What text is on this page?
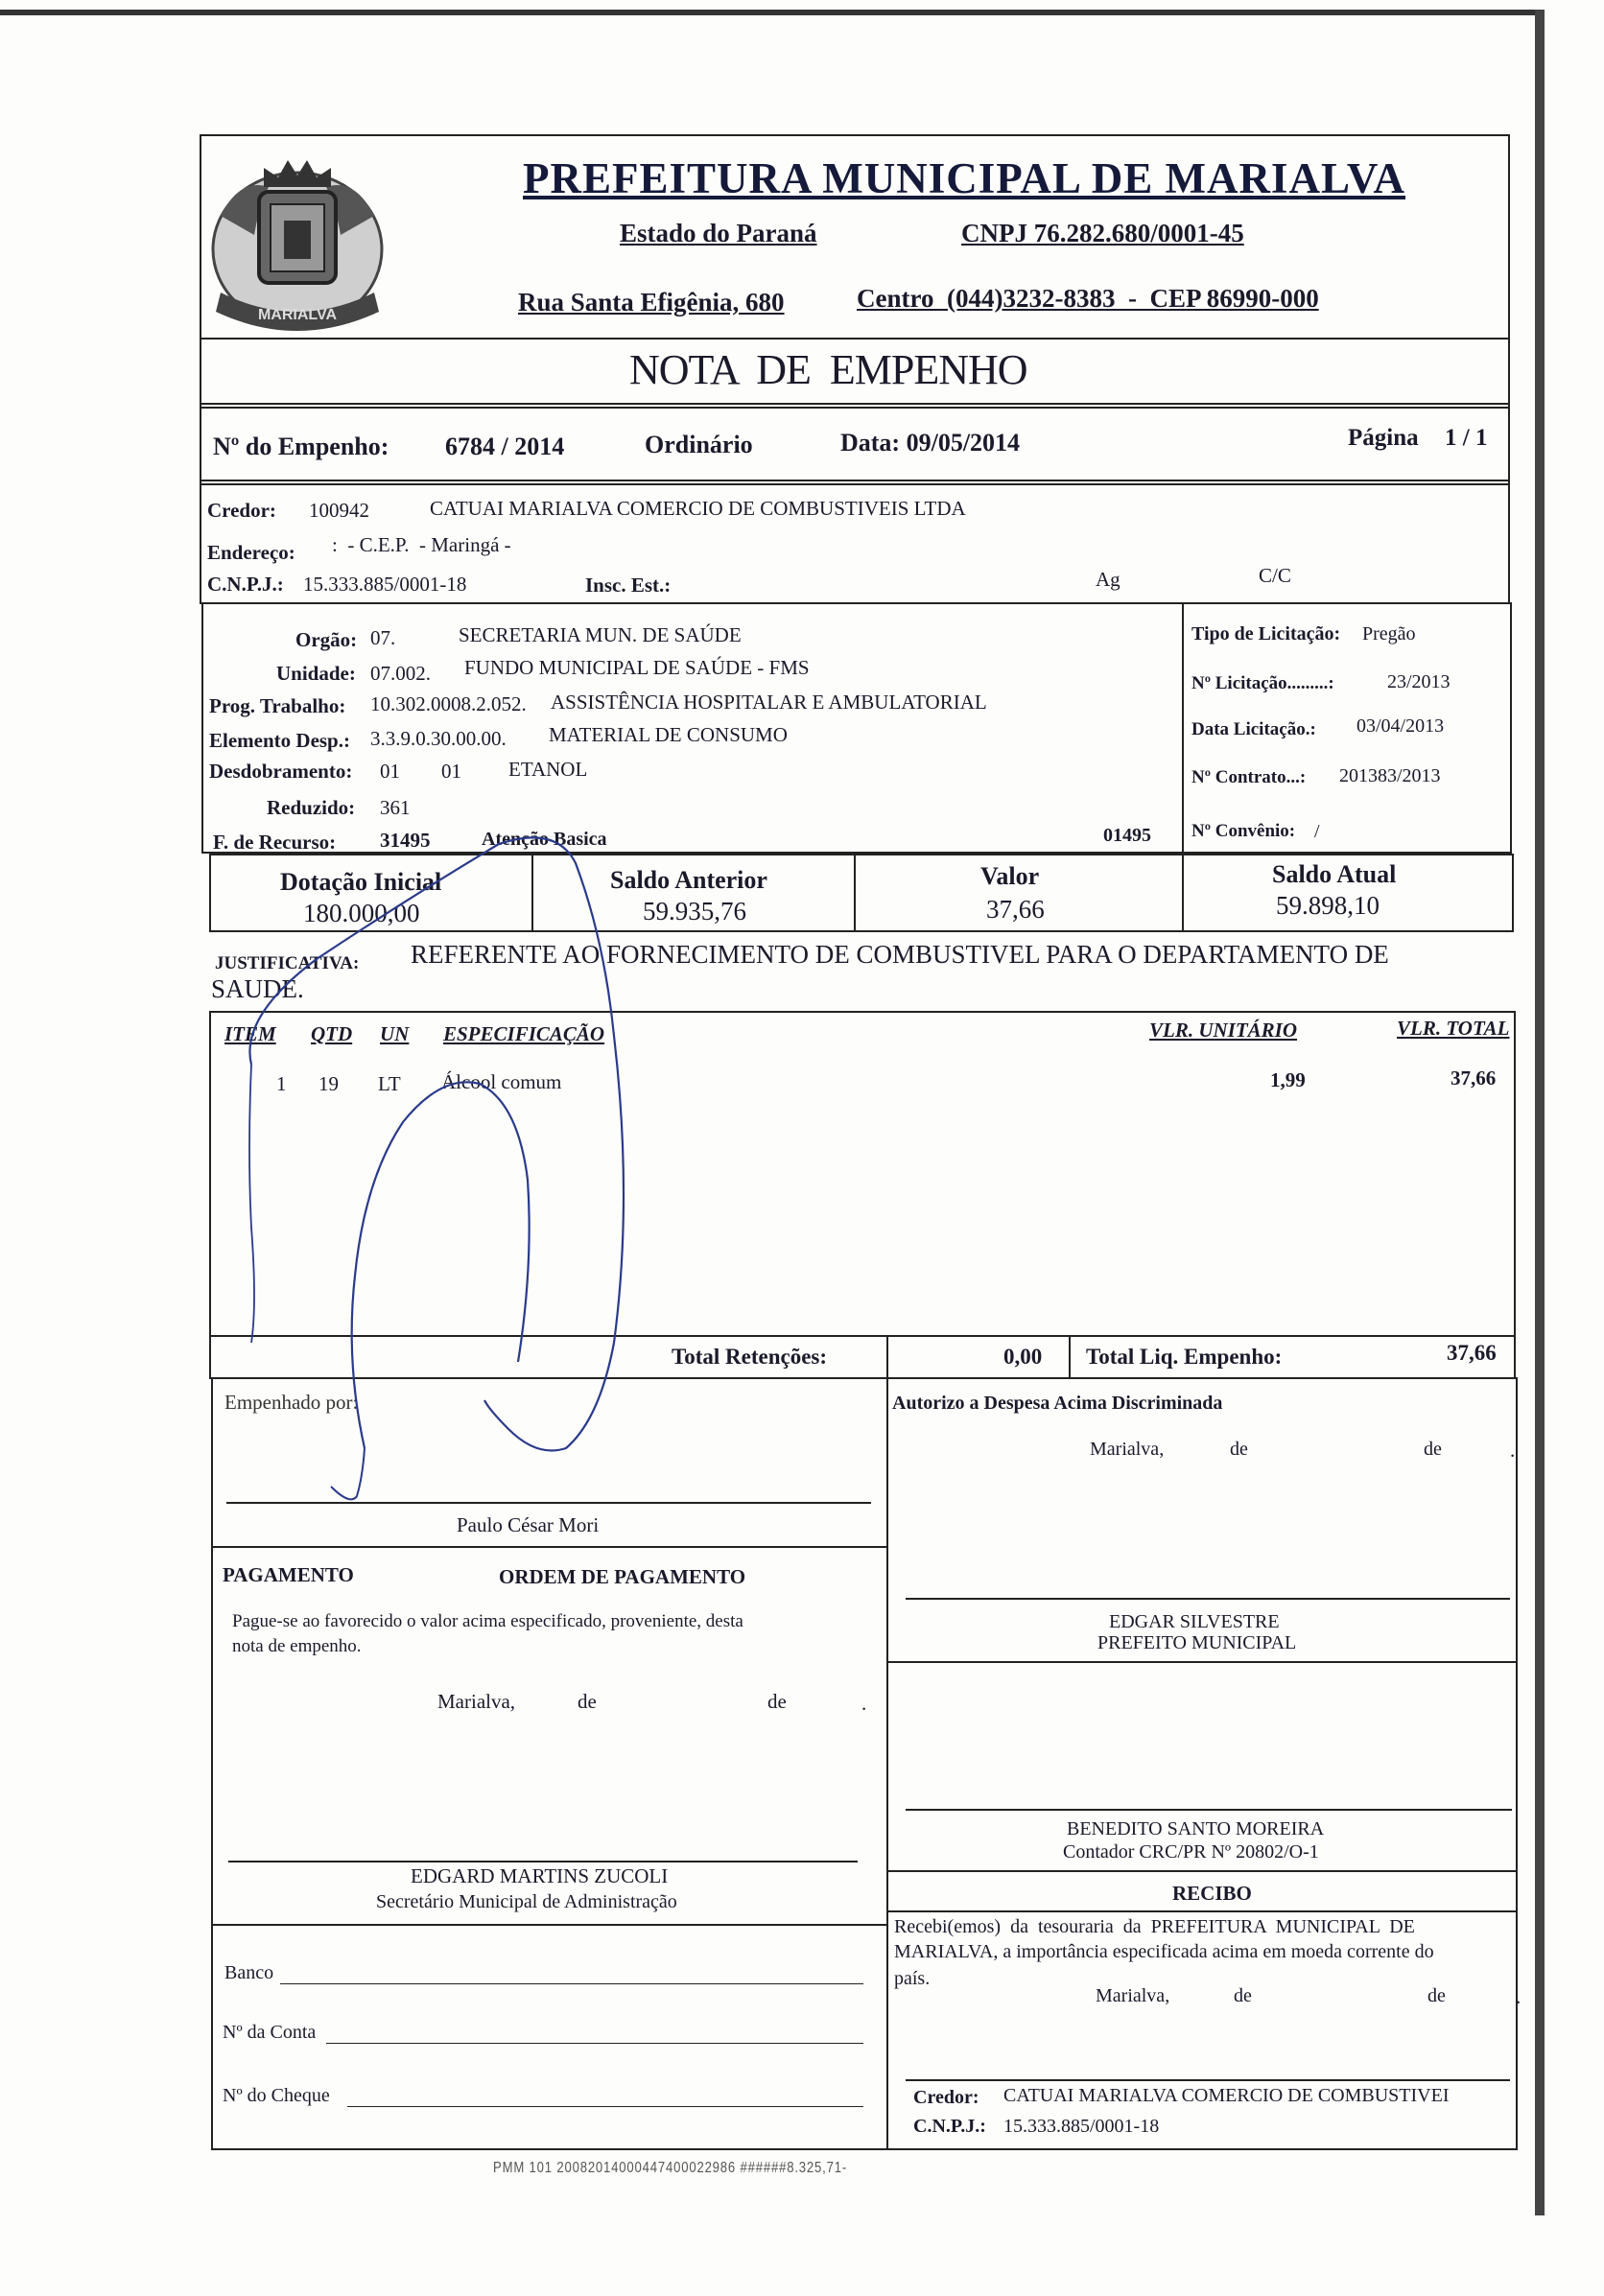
MARIALVA
PREFEITURA MUNICIPAL DE MARIALVA
Estado do Paraná	CNPJ 76.282.680/0001-45
Rua Santa Efigênia, 680	Centro  (044)3232-8383  -  CEP 86990-000
NOTA  DE  EMPENHO
Nº do Empenho: 6784 / 2014	Ordinário	Data: 09/05/2014	Página 1 / 1
Credor: 100942	CATUAI MARIALVA COMERCIO DE COMBUSTIVEIS LTDA
Endereço: :  - C.E.P.  - Maringá -
C.N.P.J.: 15.333.885/0001-18	Insc. Est.:	Ag	C/C
Orgão: 07.	SECRETARIA MUN. DE SAÚDE
Unidade: 07.002. FUNDO MUNICIPAL DE SAÚDE - FMS
Prog. Trabalho: 10.302.0008.2.052. ASSISTÊNCIA HOSPITALAR E AMBULATORIAL
Elemento Desp.: 3.3.9.0.30.00.00. MATERIAL DE CONSUMO
Desdobramento: 01 01 ETANOL
Reduzido: 361
F. de Recurso: 31495	Atenção Basica	01495
Tipo de Licitação: Pregão
Nº Licitação.........:	23/2013
Data Licitação.: 03/04/2013
Nº Contrato...: 201383/2013
Nº Convênio: /
Dotação Inicial
180.000,00
Saldo Anterior
59.935,76
Valor
37,66
Saldo Atual
59.898,10
JUSTIFICATIVA: REFERENTE AO FORNECIMENTO DE COMBUSTIVEL PARA O DEPARTAMENTO DE
SAUDE.
ITEM QTD UN ESPECIFICAÇÃO	VLR. UNITÁRIO	VLR. TOTAL
1 19 LT Álcool comum	1,99	37,66
Total Retenções:	0,00 Total Liq. Empenho:	37,66
Empenhado por:
Paulo César Mori
PAGAMENTO	ORDEM DE PAGAMENTO
Pague-se ao favorecido o valor acima especificado, proveniente, desta
nota de empenho.
Marialva,	de	de	.
EDGARD MARTINS ZUCOLI
Secretário Municipal de Administração
Banco
Nº da Conta
Nº do Cheque
Autorizo a Despesa Acima Discriminada
Marialva,	de	de	.
EDGAR SILVESTRE
PREFEITO MUNICIPAL
BENEDITO SANTO MOREIRA
Contador CRC/PR Nº 20802/O-1
RECIBO
Recebi(emos)  da  tesouraria  da  PREFEITURA  MUNICIPAL  DE
MARIALVA, a importância especificada acima em moeda corrente do
país.
Marialva,	de	de	.
Credor: CATUAI MARIALVA COMERCIO DE COMBUSTIVEI
C.N.P.J.: 15.333.885/0001-18
PMM 101 20082014000447400022986 ######8.325,71-
